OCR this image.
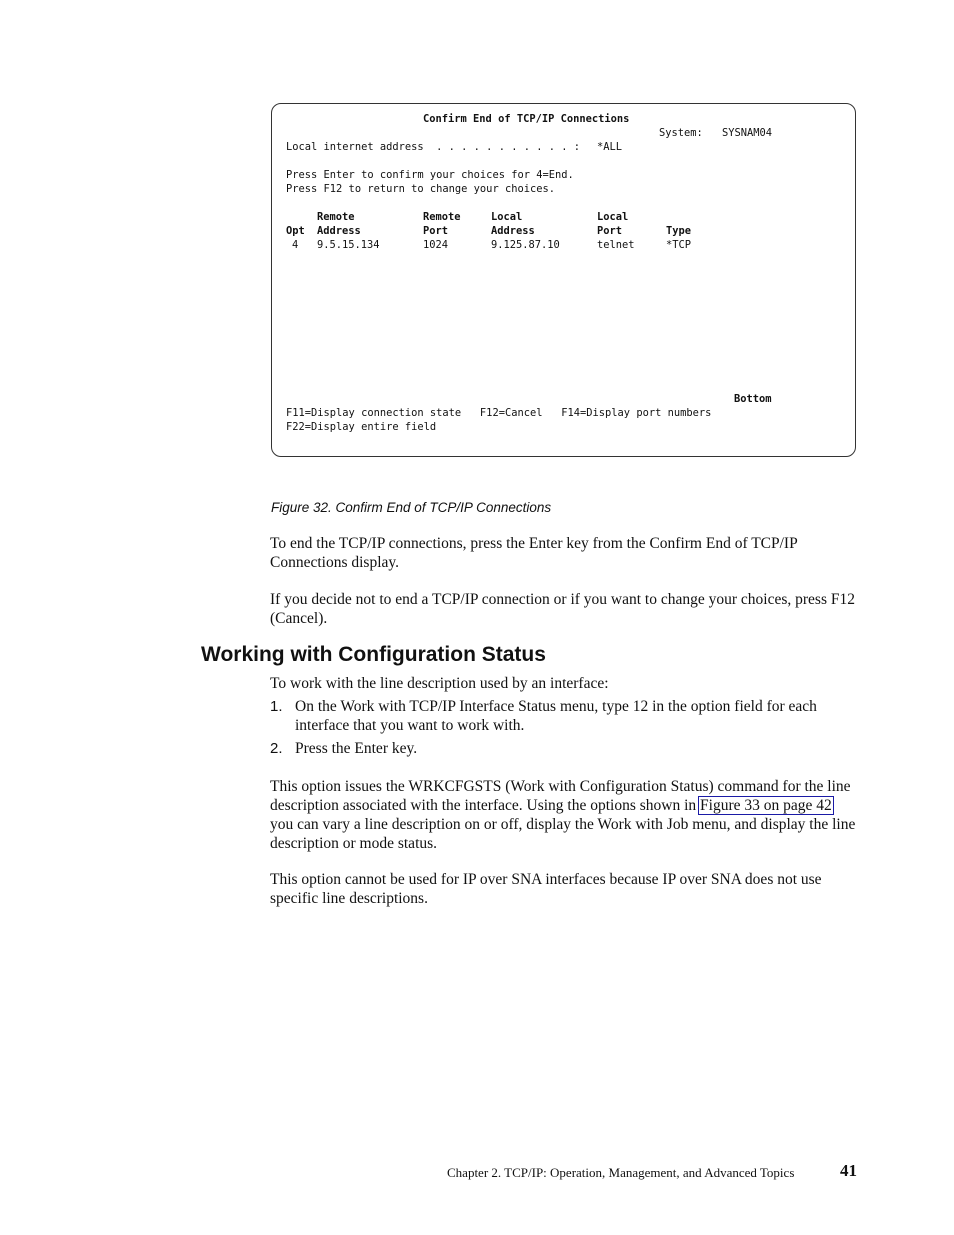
Confirm End of TCP/IP Connections
System: SYSNAM04
Local internet address  . . . . . . . . . . . : *ALL
Press Enter to confirm your choices for 4=End.
Press F12 to return to change your choices.
Remote	Remote	Local	Local
Opt Address	Port	Address	Port	Type
4 9.5.15.134	1024	9.125.87.10	telnet	*TCP
Bottom
F11=Display connection state   F12=Cancel   F14=Display port numbers
F22=Display entire field
Figure 32. Confirm End of TCP/IP Connections
To end the TCP/IP connections, press the Enter key from the Confirm End of TCP/IP Connections display.
If you decide not to end a TCP/IP connection or if you want to change your choices, press F12 (Cancel).
Working with Configuration Status
To work with the line description used by an interface:
1. On the Work with TCP/IP Interface Status menu, type 12 in the option field for each interface that you want to work with.
2. Press the Enter key.
This option issues the WRKCFGSTS (Work with Configuration Status) command for the line description associated with the interface. Using the options shown in Figure 33 on page 42 you can vary a line description on or off, display the Work with Job menu, and display the line description or mode status.
This option cannot be used for IP over SNA interfaces because IP over SNA does not use specific line descriptions.
Chapter 2. TCP/IP: Operation, Management, and Advanced Topics	41
